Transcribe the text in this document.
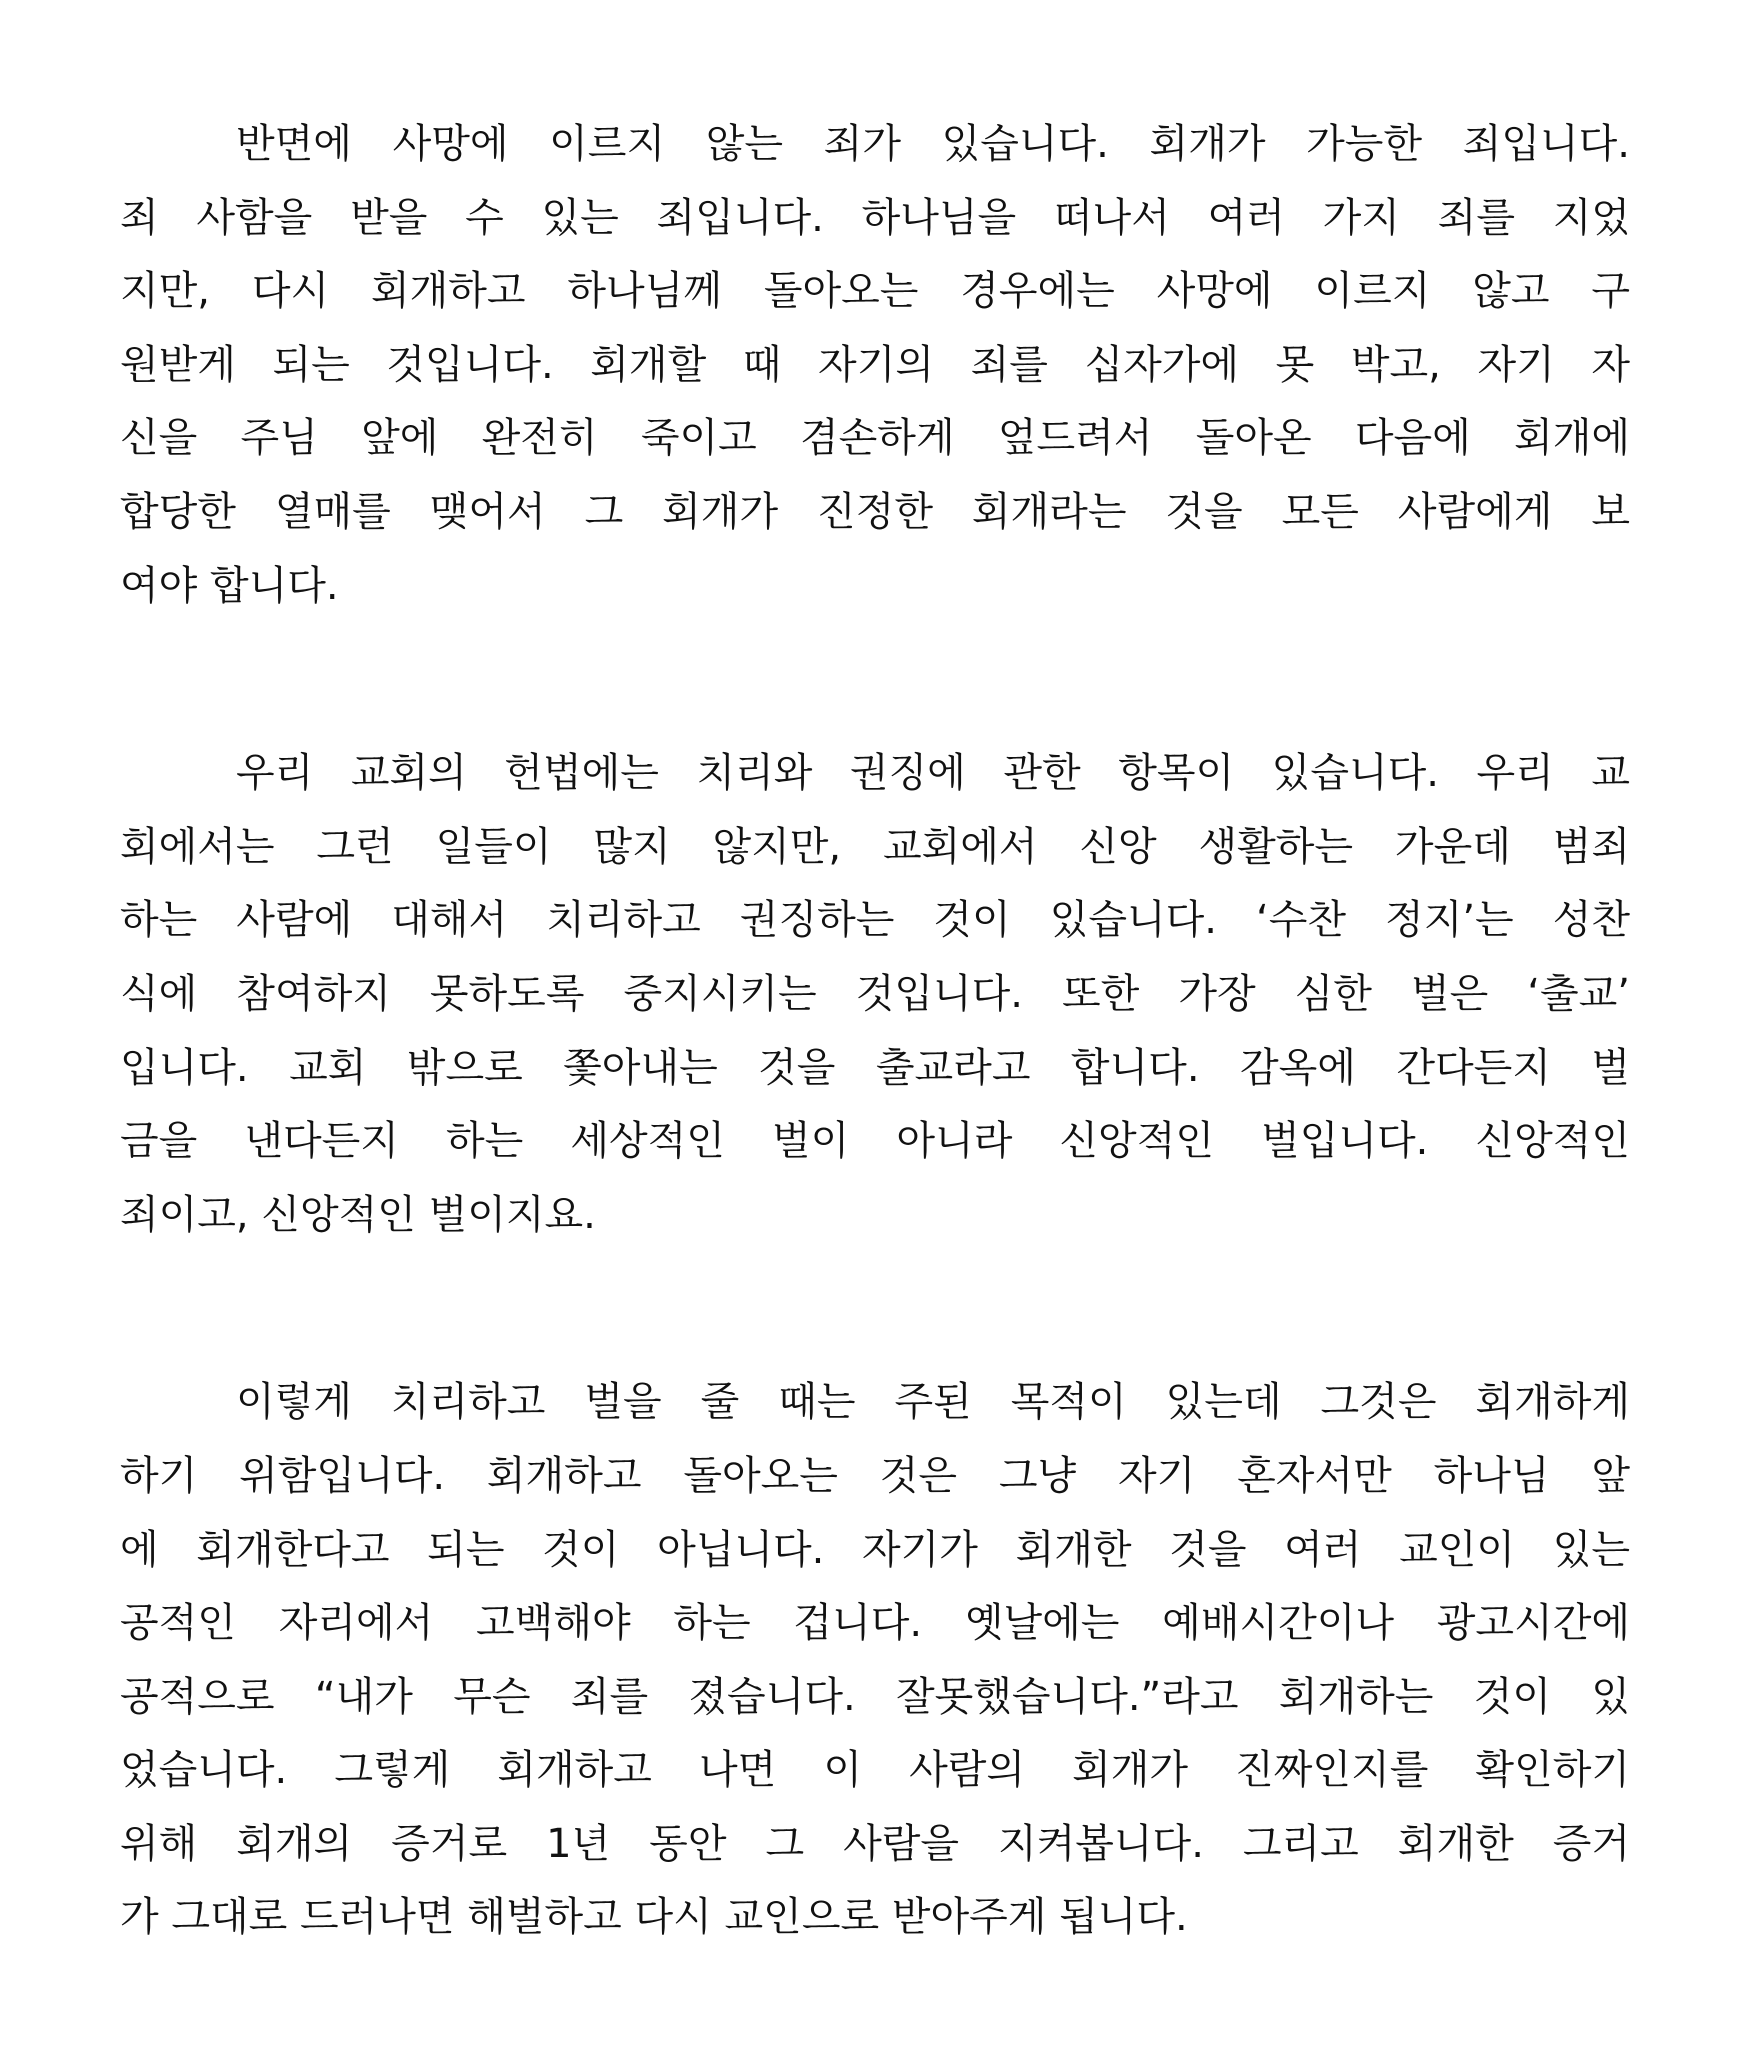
반면에 사망에 이르지 않는 죄가 있습니다. 회개가 가능한 죄입니다.
죄 사함을 받을 수 있는 죄입니다. 하나님을 떠나서 여러 가지 죄를 지었
지만, 다시 회개하고 하나님께 돌아오는 경우에는 사망에 이르지 않고 구
원받게 되는 것입니다. 회개할 때 자기의 죄를 십자가에 못 박고, 자기 자
신을 주님 앞에 완전히 죽이고 겸손하게 엎드려서 돌아온 다음에 회개에
합당한 열매를 맺어서 그 회개가 진정한 회개라는 것을 모든 사람에게 보
여야 합니다.
우리 교회의 헌법에는 치리와 권징에 관한 항목이 있습니다. 우리 교
회에서는 그런 일들이 많지 않지만, 교회에서 신앙 생활하는 가운데 범죄
하는 사람에 대해서 치리하고 권징하는 것이 있습니다. ‘수찬 정지’는 성찬
식에 참여하지 못하도록 중지시키는 것입니다. 또한 가장 심한 벌은 ‘출교’
입니다. 교회 밖으로 쫓아내는 것을 출교라고 합니다. 감옥에 간다든지 벌
금을 낸다든지 하는 세상적인 벌이 아니라 신앙적인 벌입니다. 신앙적인
죄이고, 신앙적인 벌이지요.
이렇게 치리하고 벌을 줄 때는 주된 목적이 있는데 그것은 회개하게
하기 위함입니다. 회개하고 돌아오는 것은 그냥 자기 혼자서만 하나님 앞
에 회개한다고 되는 것이 아닙니다. 자기가 회개한 것을 여러 교인이 있는
공적인 자리에서 고백해야 하는 겁니다. 옛날에는 예배시간이나 광고시간에
공적으로 “내가 무슨 죄를 졌습니다. 잘못했습니다.”라고 회개하는 것이 있
었습니다. 그렇게 회개하고 나면 이 사람의 회개가 진짜인지를 확인하기
위해 회개의 증거로 1년 동안 그 사람을 지켜봅니다. 그리고 회개한 증거
가 그대로 드러나면 해벌하고 다시 교인으로 받아주게 됩니다.
